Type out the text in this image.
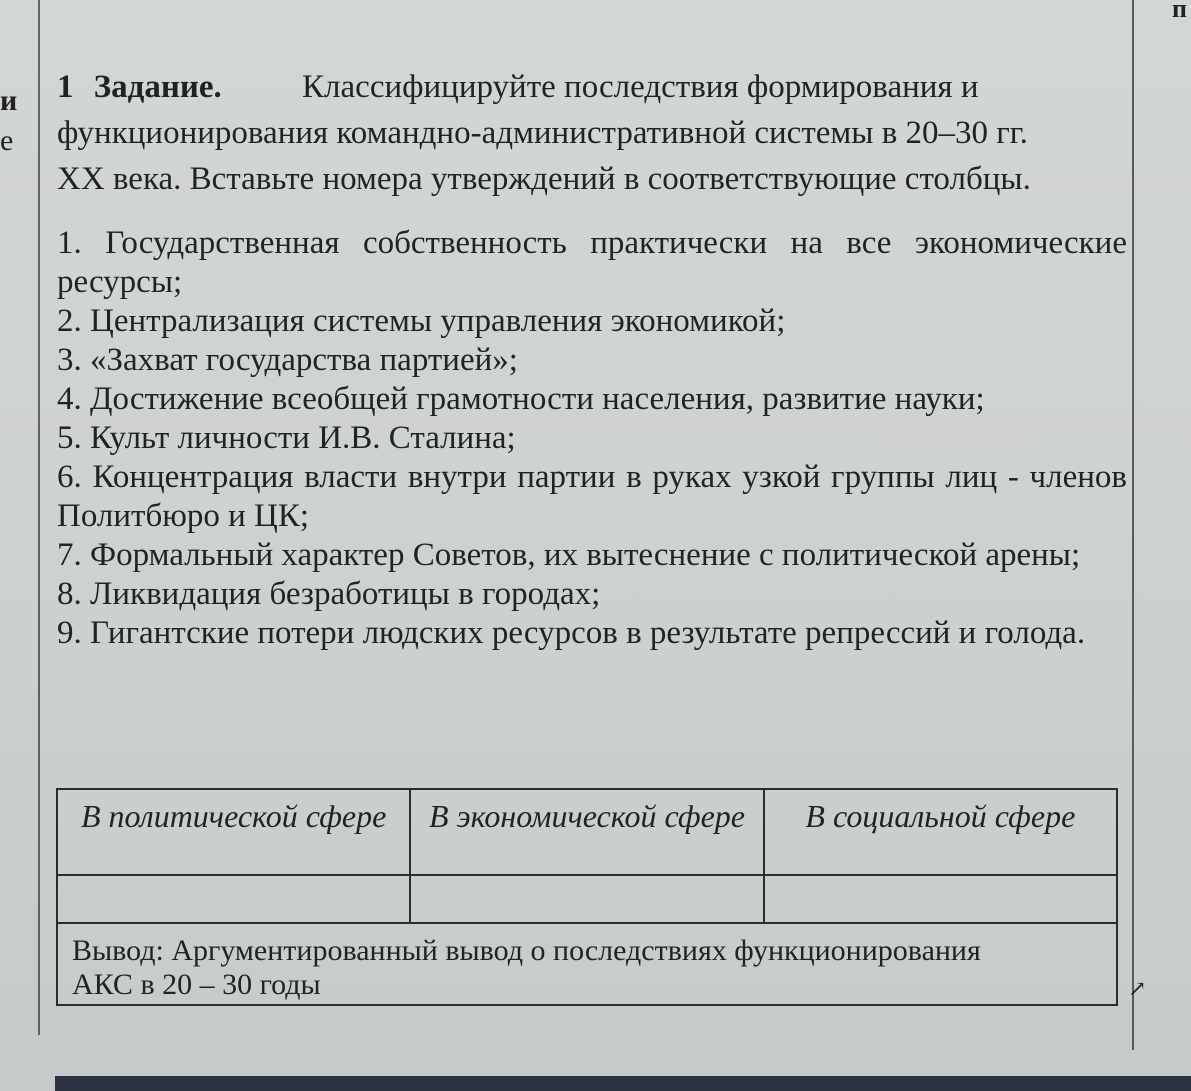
и
е
п
1 Задание. Классифицируйте последствия формирования и
функционирования командно-административной системы в 20–30 гг.
XX века. Вставьте номера утверждений в соответствующие столбцы.
1. Государственная собственность практически на все экономические ресурсы;
2. Централизация системы управления экономикой;
3. «Захват государства партией»;
4. Достижение всеобщей грамотности населения, развитие науки;
5. Культ личности И.В. Сталина;
6. Концентрация власти внутри партии в руках узкой группы лиц - членов Политбюро и ЦК;
7. Формальный характер Советов, их вытеснение с политической арены;
8. Ликвидация безработицы в городах;
9. Гигантские потери людских ресурсов в результате репрессий и голода.
В политической сфере	В экономической сфере	В социальной сфере

Вывод: Аргументированный вывод о последствиях функционирования
АКС в 20 – 30 годы			↗
